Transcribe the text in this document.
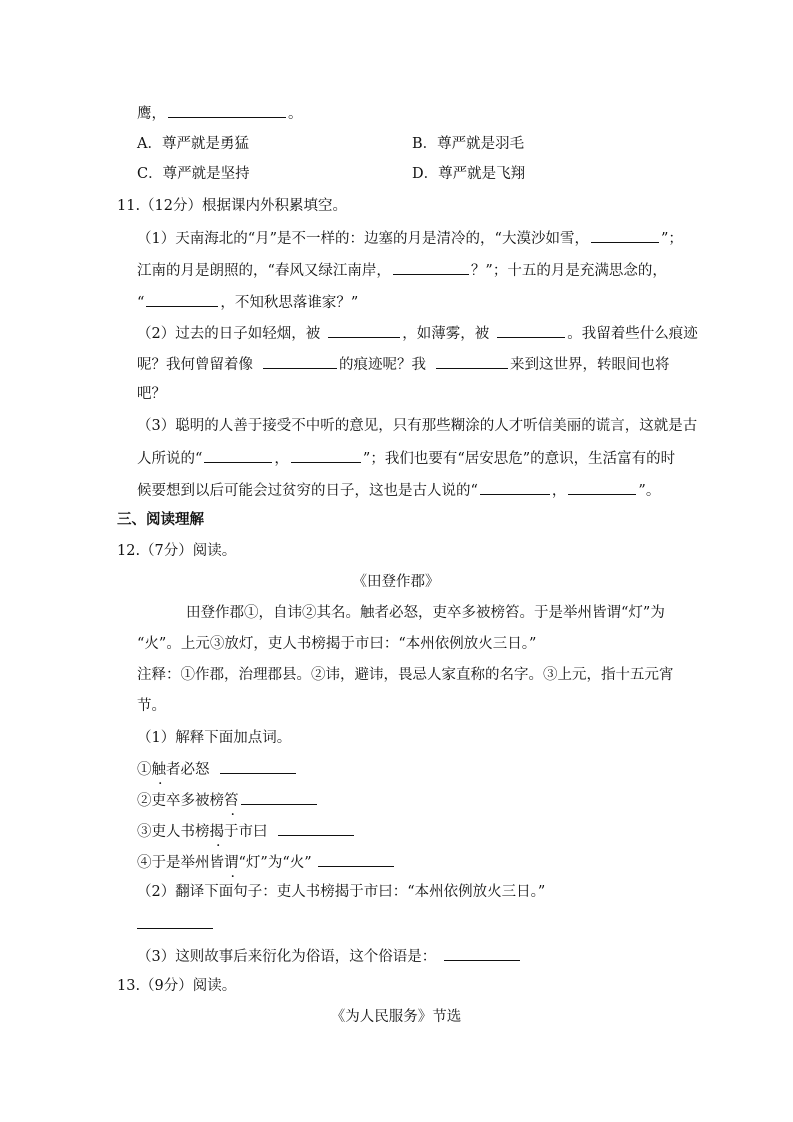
鹰，	。
A．尊严就是勇猛	B．尊严就是羽毛
C．尊严就是坚持	D．尊严就是飞翔
11.（12分）根据课内外积累填空。
（1）天南海北的“月”是不一样的：边塞的月是清冷的，“大漠沙如雪，	”；
江南的月是朗照的，“春风又绿江南岸，	？”；十五的月是充满思念的，
“	，不知秋思落谁家？”
（2）过去的日子如轻烟，被	，如薄雾，被	。我留着些什么痕迹
呢？我何曾留着像	的痕迹呢？我	来到这世界，转眼间也将
吧？
（3）聪明的人善于接受不中听的意见，只有那些糊涂的人才听信美丽的谎言，这就是古
人所说的“	，	”；我们也要有“居安思危”的意识，生活富有的时
候要想到以后可能会过贫穷的日子，这也是古人说的“	，	”。
三、阅读理解
12.（7分）阅读。
《田登作郡》
田登作郡①，自讳②其名。触者必怒，吏卒多被榜笞。于是举州皆谓“灯”为
“火”。上元③放灯，吏人书榜揭于市曰：“本州依例放火三日。”
注释：①作郡，治理郡县。②讳，避讳，畏忌人家直称的名字。③上元，指十五元宵
节。
（1）解释下面加点词。
①触者必怒
②吏卒多被榜笞
③吏人书榜揭于市曰
④于是举州皆谓“灯”为“火”
（2）翻译下面句子：吏人书榜揭于市曰：“本州依例放火三日。”
（3）这则故事后来衍化为俗语，这个俗语是：
13.（9分）阅读。
《为人民服务》节选
